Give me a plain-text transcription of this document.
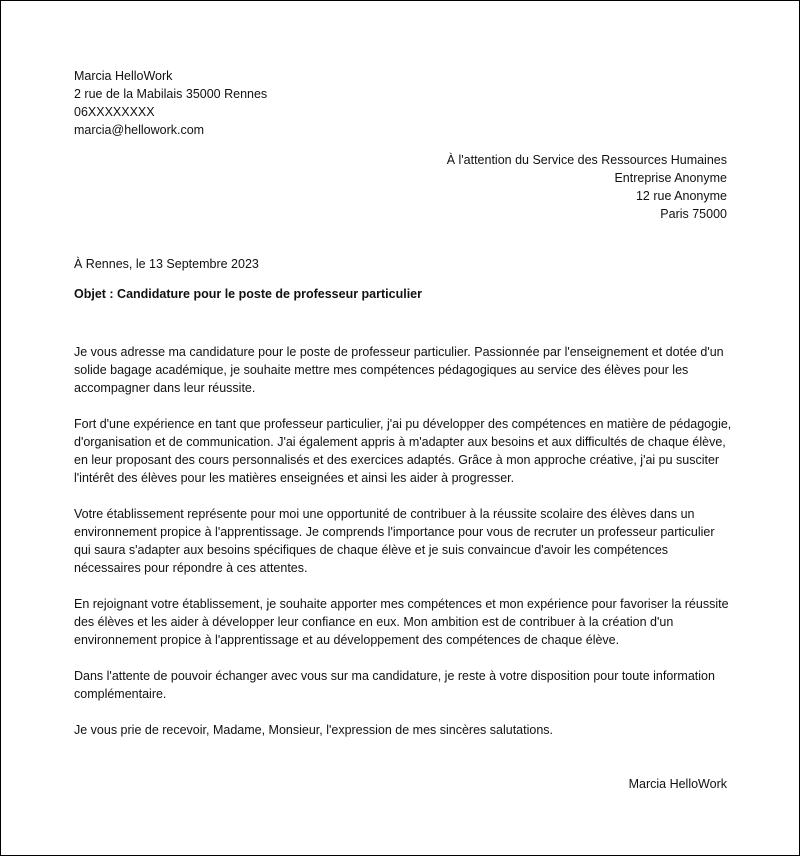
Marcia HelloWork
2 rue de la Mabilais 35000 Rennes
06XXXXXXXX
marcia@hellowork.com
À l'attention du Service des Ressources Humaines
Entreprise Anonyme
12 rue Anonyme
Paris 75000
À Rennes, le 13 Septembre 2023
Objet : Candidature pour le poste de professeur particulier

Je vous adresse ma candidature pour le poste de professeur particulier. Passionnée par l'enseignement et dotée d'un solide bagage académique, je souhaite mettre mes compétences pédagogiques au service des élèves pour les accompagner dans leur réussite.

Fort d'une expérience en tant que professeur particulier, j'ai pu développer des compétences en matière de pédagogie, d'organisation et de communication. J'ai également appris à m'adapter aux besoins et aux difficultés de chaque élève, en leur proposant des cours personnalisés et des exercices adaptés. Grâce à mon approche créative, j'ai pu susciter l'intérêt des élèves pour les matières enseignées et ainsi les aider à progresser.

Votre établissement représente pour moi une opportunité de contribuer à la réussite scolaire des élèves dans un environnement propice à l'apprentissage. Je comprends l'importance pour vous de recruter un professeur particulier qui saura s'adapter aux besoins spécifiques de chaque élève et je suis convaincue d'avoir les compétences nécessaires pour répondre à ces attentes.

En rejoignant votre établissement, je souhaite apporter mes compétences et mon expérience pour favoriser la réussite des élèves et les aider à développer leur confiance en eux. Mon ambition est de contribuer à la création d'un environnement propice à l'apprentissage et au développement des compétences de chaque élève.

Dans l'attente de pouvoir échanger avec vous sur ma candidature, je reste à votre disposition pour toute information complémentaire.

Je vous prie de recevoir, Madame, Monsieur, l'expression de mes sincères salutations.

Marcia HelloWork
